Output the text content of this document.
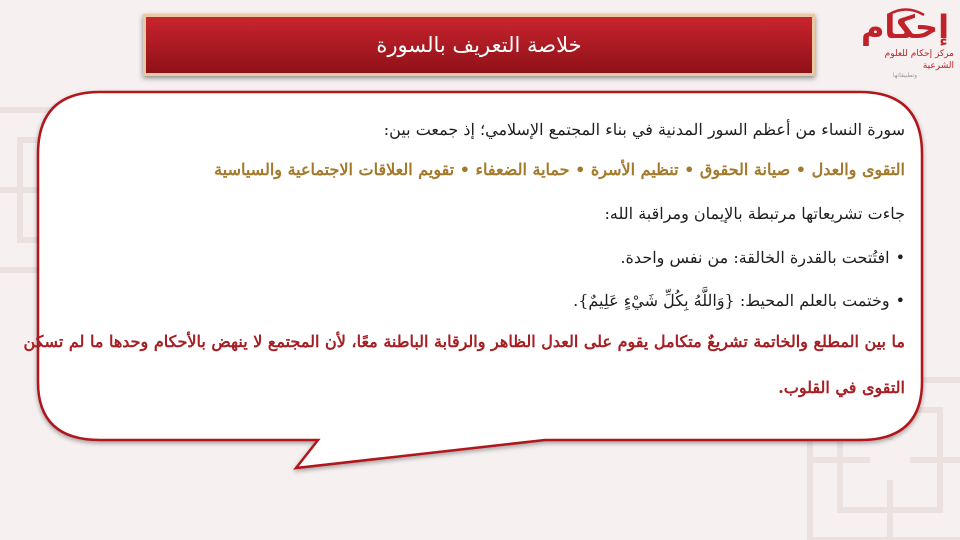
خلاصة التعريف بالسورة	إحكام
مركز إحكام للعلوم الشرعية
وتطبيقاتها
سورة النساء من أعظم السور المدنية في بناء المجتمع الإسلامي؛ إذ جمعت بين:
التقوى والعدل • صيانة الحقوق • تنظيم الأسرة • حماية الضعفاء • تقويم العلاقات الاجتماعية والسياسية
جاءت تشريعاتها مرتبطة بالإيمان ومراقبة الله:
•افتُتحت بالقدرة الخالقة: من نفس واحدة.
•وختمت بالعلم المحيط: {وَاللَّهُ بِكُلِّ شَيْءٍ عَلِيمٌ}.
ما بين المطلع والخاتمة تشريعٌ متكامل يقوم على العدل الظاهر والرقابة الباطنة معًا، لأن المجتمع لا ينهض بالأحكام وحدها ما لم تسكن
التقوى في القلوب.
